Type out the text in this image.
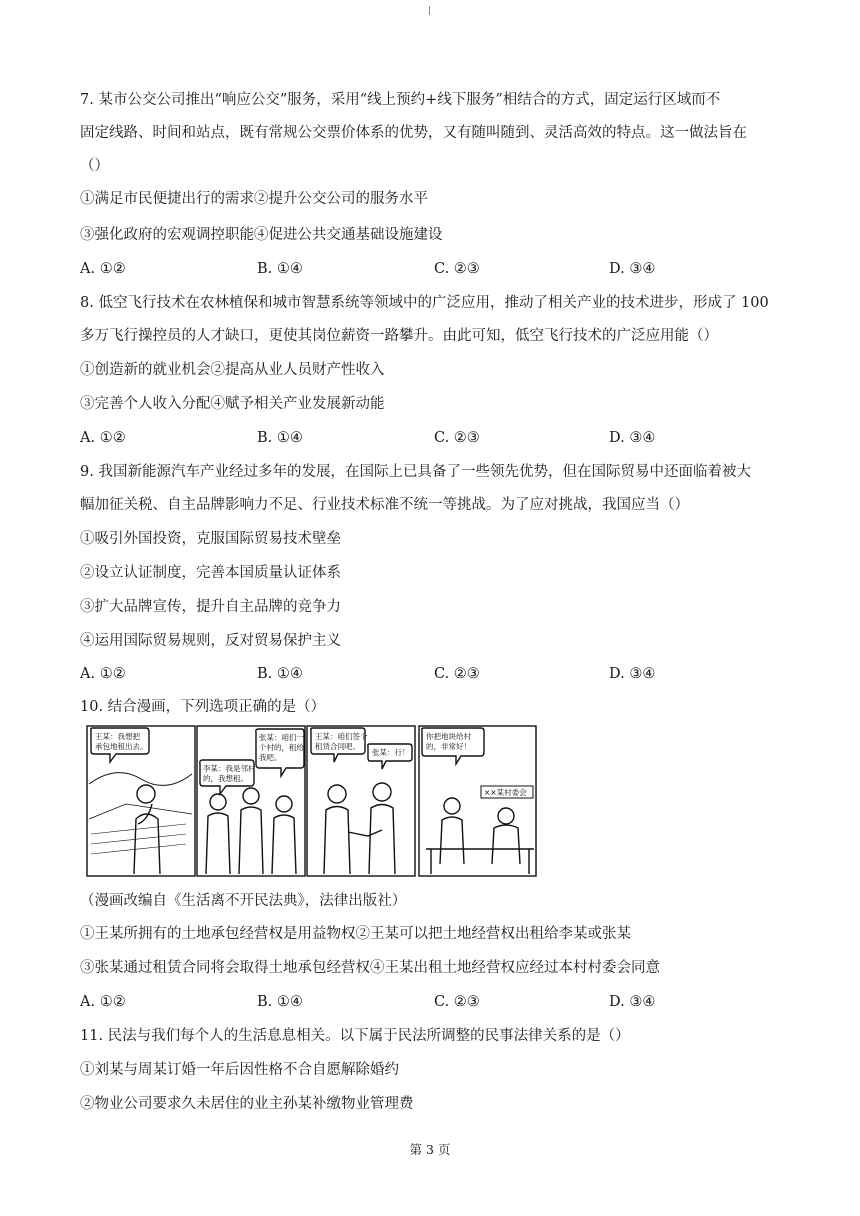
7. 某市公交公司推出“响应公交”服务，采用“线上预约+线下服务”相结合的方式，固定运行区域而不
固定线路、时间和站点，既有常规公交票价体系的优势，又有随叫随到、灵活高效的特点。这一做法旨在
（）
①满足市民便捷出行的需求②提升公交公司的服务水平
③强化政府的宏观调控职能④促进公共交通基础设施建设
A. ①②	B. ①④	C. ②③	D. ③④
8. 低空飞行技术在农林植保和城市智慧系统等领域中的广泛应用，推动了相关产业的技术进步，形成了 100
多万飞行操控员的人才缺口，更使其岗位薪资一路攀升。由此可知，低空飞行技术的广泛应用能（）
①创造新的就业机会②提高从业人员财产性收入
③完善个人收入分配④赋予相关产业发展新动能
A. ①②	B. ①④	C. ②③	D. ③④
9. 我国新能源汽车产业经过多年的发展，在国际上已具备了一些领先优势，但在国际贸易中还面临着被大
幅加征关税、自主品牌影响力不足、行业技术标准不统一等挑战。为了应对挑战，我国应当（）
①吸引外国投资，克服国际贸易技术壁垒
②设立认证制度，完善本国质量认证体系
③扩大品牌宣传，提升自主品牌的竞争力
④运用国际贸易规则，反对贸易保护主义
A. ①②	B. ①④	C. ②③	D. ③④
10. 结合漫画，下列选项正确的是（）
王某：我想把
承包地租出去。
李某：我是邻村
的，我想租。
张某：咱们一
个村的，租给
我吧。
王某：咱们签个
租赁合同吧。
张某：行！
你把地块给村
的，非常好！
××某村委会
（漫画改编自《生活离不开民法典》，法律出版社）
①王某所拥有的土地承包经营权是用益物权②王某可以把土地经营权出租给李某或张某
③张某通过租赁合同将会取得土地承包经营权④王某出租土地经营权应经过本村村委会同意
A. ①②	B. ①④	C. ②③	D. ③④
11. 民法与我们每个人的生活息息相关。以下属于民法所调整的民事法律关系的是（）
①刘某与周某订婚一年后因性格不合自愿解除婚约
②物业公司要求久未居住的业主孙某补缴物业管理费
第 3 页
